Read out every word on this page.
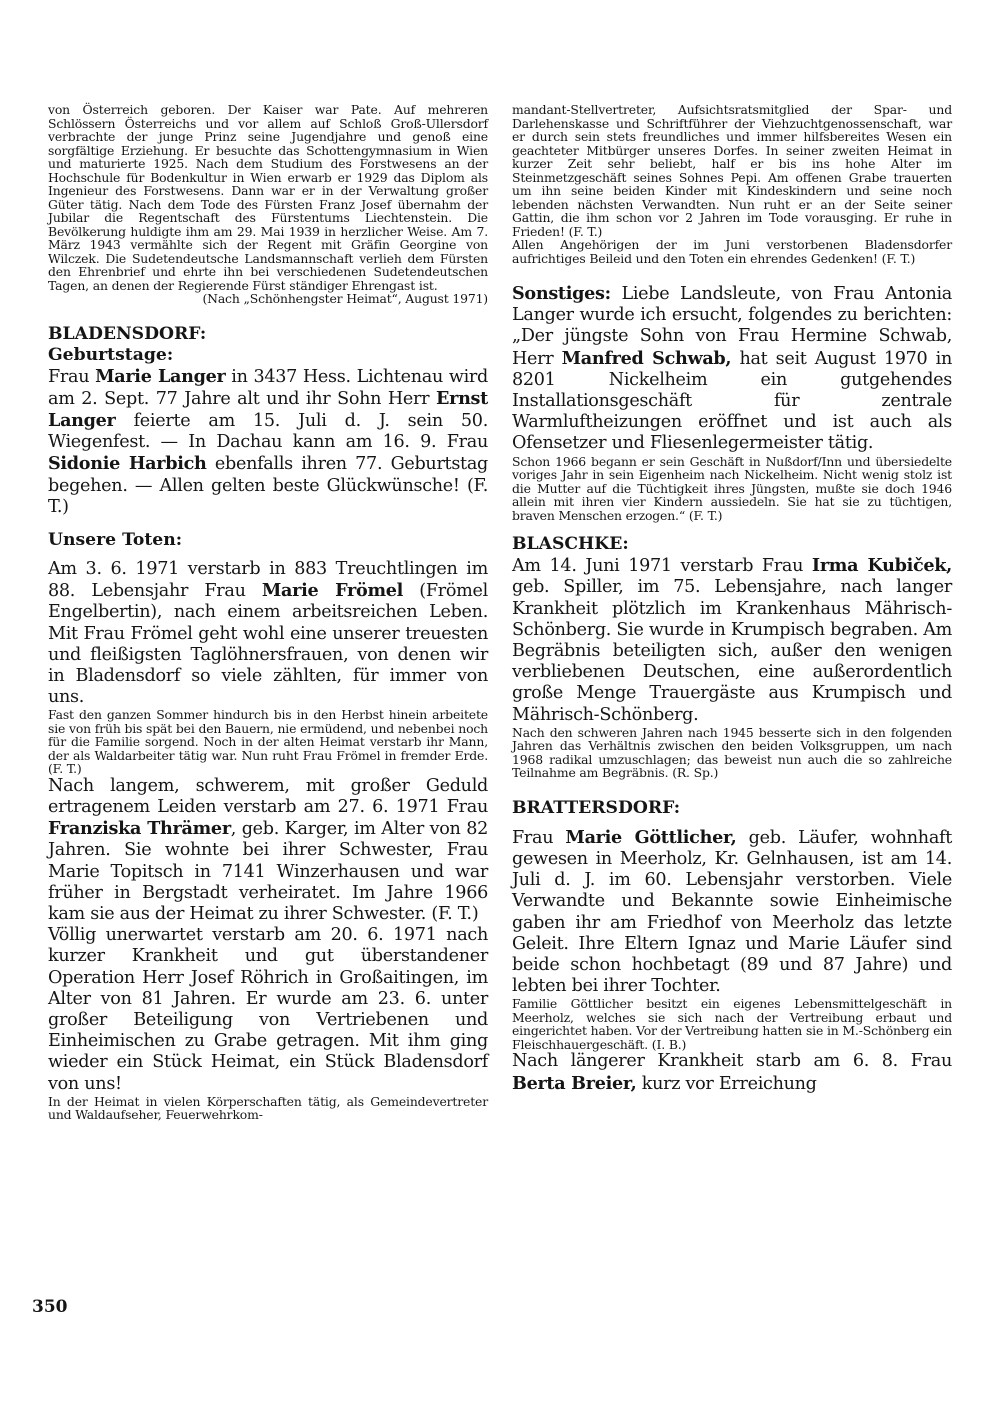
von Österreich geboren. Der Kaiser war Pate. Auf mehreren Schlössern Österreichs und vor allem auf Schloß Groß-Ullersdorf verbrachte der junge Prinz seine Jugendjahre und genoß eine sorgfältige Erziehung. Er besuchte das Schottengymnasium in Wien und maturierte 1925. Nach dem Studium des Forstwesens an der Hochschule für Bodenkultur in Wien erwarb er 1929 das Diplom als Ingenieur des Forstwesens. Dann war er in der Verwaltung großer Güter tätig. Nach dem Tode des Fürsten Franz Josef übernahm der Jubilar die Regentschaft des Fürstentums Liechtenstein. Die Bevölkerung huldigte ihm am 29. Mai 1939 in herzlicher Weise. Am 7. März 1943 vermählte sich der Regent mit Gräfin Georgine von Wilczek. Die Sudetendeutsche Landsmannschaft verlieh dem Fürsten den Ehrenbrief und ehrte ihn bei verschiedenen Sudetendeutschen Tagen, an denen der Regierende Fürst ständiger Ehrengast ist.

(Nach „Schönhengster Heimat“, August 1971)

BLADENSDORF:
Geburtstage:

Frau Marie Langer in 3437 Hess. Lichtenau wird am 2. Sept. 77 Jahre alt und ihr Sohn Herr Ernst Langer feierte am 15. Juli d. J. sein 50. Wiegenfest. — In Dachau kann am 16. 9. Frau Sidonie Harbich ebenfalls ihren 77. Geburtstag begehen. — Allen gelten beste Glückwünsche! (F. T.)

Unsere Toten:

Am 3. 6. 1971 verstarb in 883 Treuchtlingen im 88. Lebensjahr Frau Marie Frömel (Frömel Engelbertin), nach einem arbeitsreichen Leben. Mit Frau Frömel geht wohl eine unserer treuesten und fleißigsten Taglöhnersfrauen, von denen wir in Bladensdorf so viele zählten, für immer von uns.

Fast den ganzen Sommer hindurch bis in den Herbst hinein arbeitete sie von früh bis spät bei den Bauern, nie ermüdend, und nebenbei noch für die Familie sorgend. Noch in der alten Heimat verstarb ihr Mann, der als Waldarbeiter tätig war. Nun ruht Frau Frömel in fremder Erde. (F. T.)

Nach langem, schwerem, mit großer Geduld ertragenem Leiden verstarb am 27. 6. 1971 Frau Franziska Thrämer, geb. Karger, im Alter von 82 Jahren. Sie wohnte bei ihrer Schwester, Frau Marie Topitsch in 7141 Winzerhausen und war früher in Bergstadt verheiratet. Im Jahre 1966 kam sie aus der Heimat zu ihrer Schwester. (F. T.)

Völlig unerwartet verstarb am 20. 6. 1971 nach kurzer Krankheit und gut überstandener Operation Herr Josef Röhrich in Großaitingen, im Alter von 81 Jahren. Er wurde am 23. 6. unter großer Beteiligung von Vertriebenen und Einheimischen zu Grabe getragen. Mit ihm ging wieder ein Stück Heimat, ein Stück Bladensdorf von uns!

In der Heimat in vielen Körperschaften tätig, als Gemeindevertreter und Waldaufseher, Feuerwehrkom-

mandant-Stellvertreter, Aufsichtsratsmitglied der Spar- und Darlehenskasse und Schriftführer der Viehzuchtgenossenschaft, war er durch sein stets freundliches und immer hilfsbereites Wesen ein geachteter Mitbürger unseres Dorfes. In seiner zweiten Heimat in kurzer Zeit sehr beliebt, half er bis ins hohe Alter im Steinmetzgeschäft seines Sohnes Pepi. Am offenen Grabe trauerten um ihn seine beiden Kinder mit Kindeskindern und seine noch lebenden nächsten Verwandten. Nun ruht er an der Seite seiner Gattin, die ihm schon vor 2 Jahren im Tode vorausging. Er ruhe in Frieden! (F. T.)

Allen Angehörigen der im Juni verstorbenen Bladensdorfer aufrichtiges Beileid und den Toten ein ehrendes Gedenken! (F. T.)

Sonstiges: Liebe Landsleute, von Frau Antonia Langer wurde ich ersucht, folgendes zu berichten: „Der jüngste Sohn von Frau Hermine Schwab, Herr Manfred Schwab, hat seit August 1970 in 8201 Nickelheim ein gutgehendes Installationsgeschäft für zentrale Warmluftheizungen eröffnet und ist auch als Ofensetzer und Fliesenlegermeister tätig.

Schon 1966 begann er sein Geschäft in Nußdorf/Inn und übersiedelte voriges Jahr in sein Eigenheim nach Nickelheim. Nicht wenig stolz ist die Mutter auf die Tüchtigkeit ihres Jüngsten, mußte sie doch 1946 allein mit ihren vier Kindern aussiedeln. Sie hat sie zu tüchtigen, braven Menschen erzogen.“ (F. T.)

BLASCHKE:

Am 14. Juni 1971 verstarb Frau Irma Kubiček, geb. Spiller, im 75. Lebensjahre, nach langer Krankheit plötzlich im Krankenhaus Mährisch-Schönberg. Sie wurde in Krumpisch begraben. Am Begräbnis beteiligten sich, außer den wenigen verbliebenen Deutschen, eine außerordentlich große Menge Trauergäste aus Krumpisch und Mährisch-Schönberg.

Nach den schweren Jahren nach 1945 besserte sich in den folgenden Jahren das Verhältnis zwischen den beiden Volksgruppen, um nach 1968 radikal umzuschlagen; das beweist nun auch die so zahlreiche Teilnahme am Begräbnis. (R. Sp.)

BRATTERSDORF:

Frau Marie Göttlicher, geb. Läufer, wohnhaft gewesen in Meerholz, Kr. Gelnhausen, ist am 14. Juli d. J. im 60. Lebensjahr verstorben. Viele Verwandte und Bekannte sowie Einheimische gaben ihr am Friedhof von Meerholz das letzte Geleit. Ihre Eltern Ignaz und Marie Läufer sind beide schon hochbetagt (89 und 87 Jahre) und lebten bei ihrer Tochter.

Familie Göttlicher besitzt ein eigenes Lebensmittelgeschäft in Meerholz, welches sie sich nach der Vertreibung erbaut und eingerichtet haben. Vor der Vertreibung hatten sie in M.-Schönberg ein Fleischhauergeschäft. (I. B.)

Nach längerer Krankheit starb am 6. 8. Frau Berta Breier, kurz vor Erreichung

350
